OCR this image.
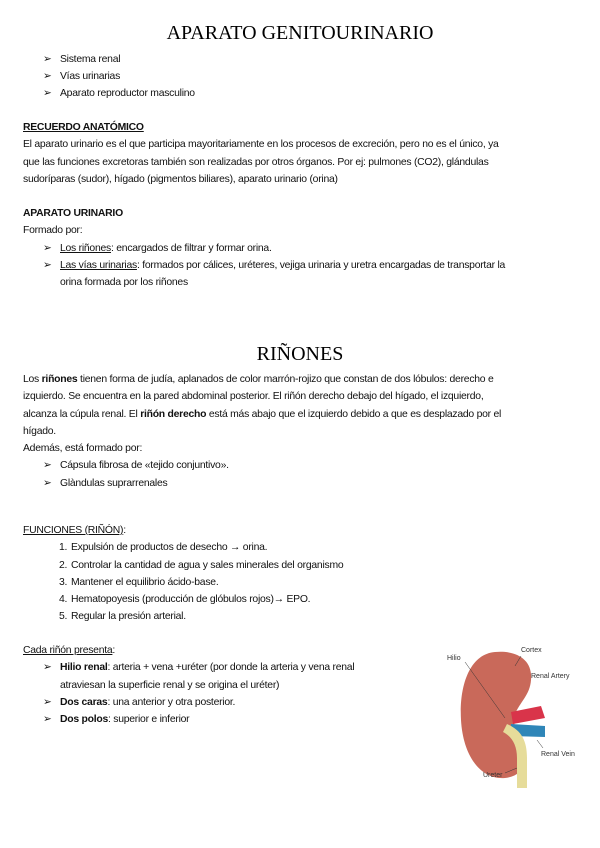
APARATO GENITOURINARIO
➢ Sistema renal
➢ Vías urinarias
➢ Aparato reproductor masculino
RECUERDO ANATÓMICO
El aparato urinario es el que participa mayoritariamente en los procesos de excreción, pero no es el único, ya
que las funciones excretoras también son realizadas por otros órganos. Por ej: pulmones (CO2), glándulas
sudoríparas (sudor), hígado (pigmentos biliares), aparato urinario (orina)
APARATO URINARIO
Formado por:
➢ Los riñones: encargados de filtrar y formar orina.
➢ Las vías urinarias: formados por cálices, uréteres, vejiga urinaria y uretra encargadas de transportar la
orina formada por los riñones
RIÑONES
Los riñones tienen forma de judía, aplanados de color marrón-rojizo que constan de dos lóbulos: derecho e
izquierdo. Se encuentra en la pared abdominal posterior. El riñón derecho debajo del hígado, el izquierdo,
alcanza la cúpula renal. El riñón derecho está más abajo que el izquierdo debido a que es desplazado por el
hígado.
Además, está formado por:
➢ Cápsula fibrosa de «tejido conjuntivo».
➢ Glàndulas suprarrenales
FUNCIONES (RIÑÓN):
1. Expulsión de productos de desecho → orina.
2. Controlar la cantidad de agua y sales minerales del organismo
3. Mantener el equilibrio ácido-base.
4. Hematopoyesis (producción de glóbulos rojos)→ EPO.
5. Regular la presión arterial.
Cada riñón presenta:
➢ Hilio renal: arteria + vena +uréter (por donde la arteria y vena renal
atraviesan la superficie renal y se origina el uréter)
➢ Dos caras: una anterior y otra posterior.
➢ Dos polos: superior e inferior
Hilio
Cortex
Renal Artery
Renal Vein
Ureter
